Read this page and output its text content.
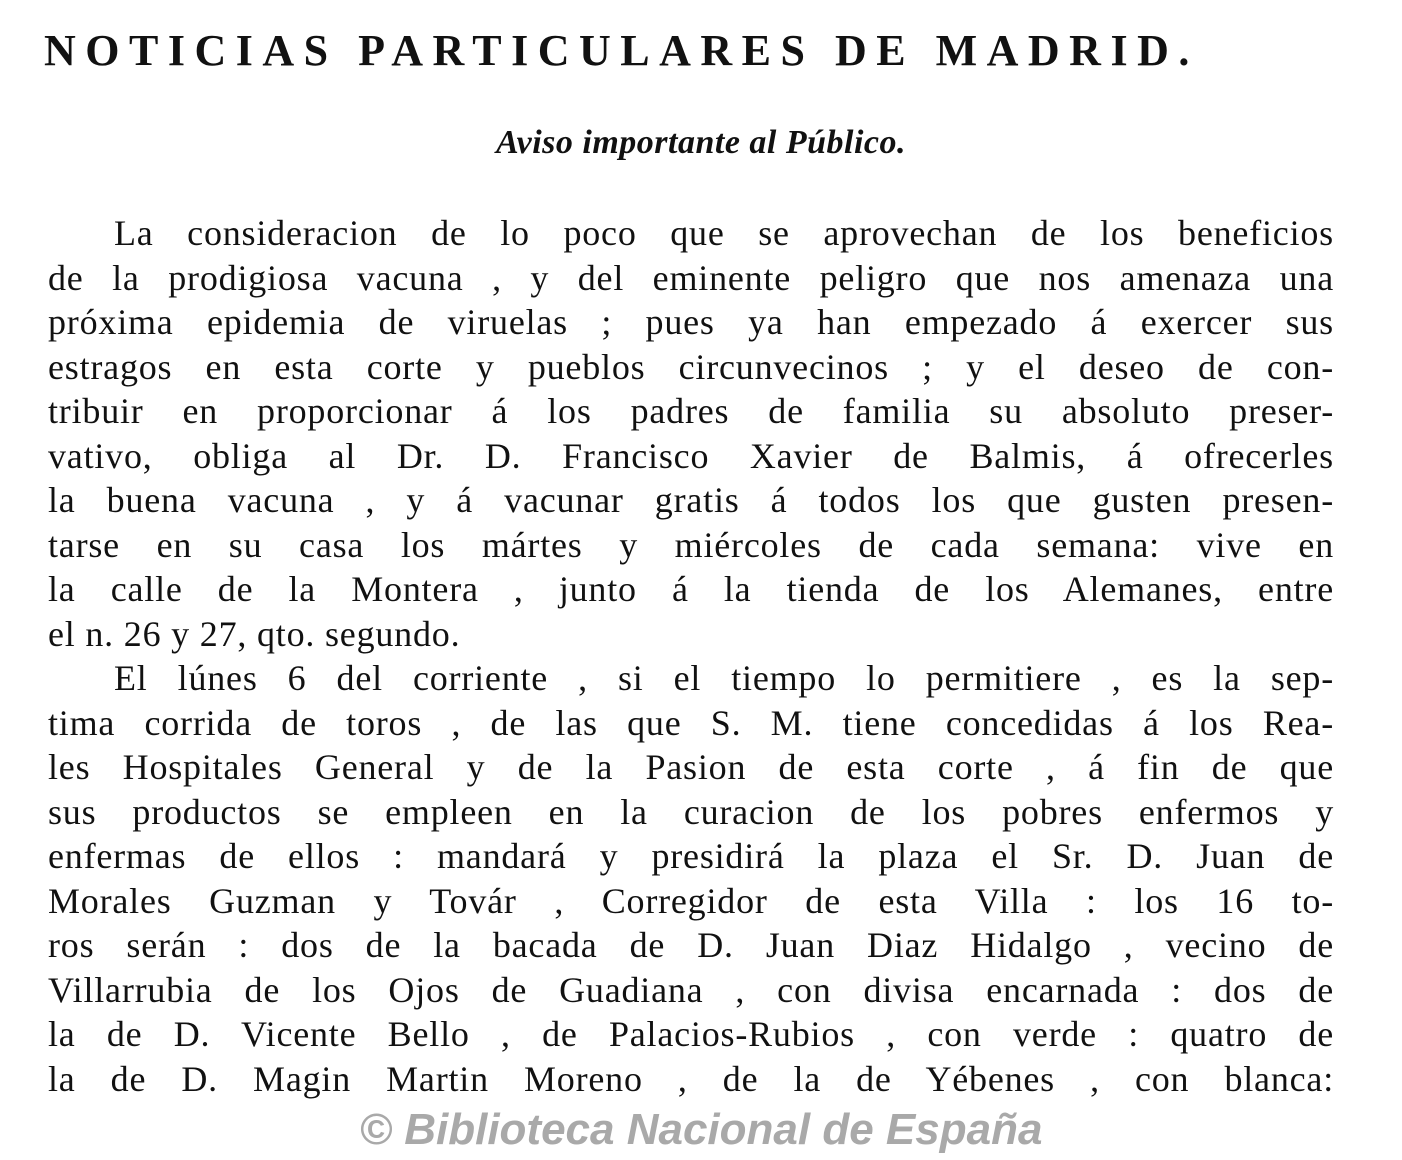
NOTICIAS PARTICULARES DE MADRID.
Aviso importante al Público.

La consideracion de lo poco que se aprovechan de los beneficios
de la prodigiosa vacuna , y del eminente peligro que nos amenaza una
próxima epidemia de viruelas ; pues ya han empezado á exercer sus
estragos en esta corte y pueblos circunvecinos ; y el deseo de con-
tribuir en proporcionar á los padres de familia su absoluto preser-
vativo, obliga al Dr. D. Francisco Xavier de Balmis, á ofrecerles
la buena vacuna , y á vacunar gratis á todos los que gusten presen-
tarse en su casa los mártes y miércoles de cada semana: vive en
la calle de la Montera , junto á la tienda de los Alemanes, entre
el n. 26 y 27, qto. segundo.

El lúnes 6 del corriente , si el tiempo lo permitiere , es la sep-
tima corrida de toros , de las que S. M. tiene concedidas á los Rea-
les Hospitales General y de la Pasion de esta corte , á fin de que
sus productos se empleen en la curacion de los pobres enfermos y
enfermas de ellos : mandará y presidirá la plaza el Sr. D. Juan de
Morales Guzman y Továr , Corregidor de esta Villa : los 16 to-
ros serán : dos de la bacada de D. Juan Diaz Hidalgo , vecino de
Villarrubia de los Ojos de Guadiana , con divisa encarnada : dos de
la de D. Vicente Bello , de Palacios-Rubios , con verde : quatro de
la de D. Magin Martin Moreno , de la de Yébenes , con blanca:

© Biblioteca Nacional de España
